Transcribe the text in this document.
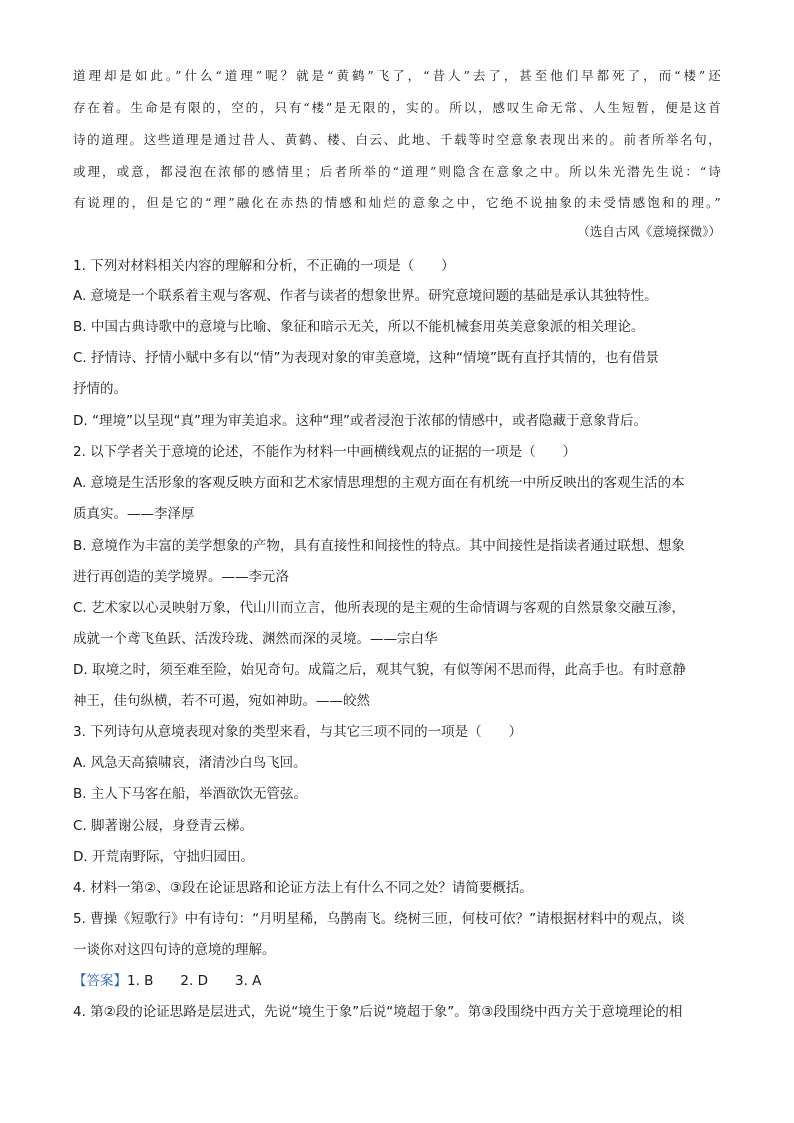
道理却是如此。”什么“道理”呢？就是“黄鹤”飞了，“昔人”去了，甚至他们早都死了，而“楼”还

存在着。生命是有限的，空的，只有“楼”是无限的，实的。所以，感叹生命无常、人生短暂，便是这首

诗的道理。这些道理是通过昔人、黄鹤、楼、白云、此地、千载等时空意象表现出来的。前者所举名句，

或理，或意，都浸泡在浓郁的感情里；后者所举的“道理”则隐含在意象之中。所以朱光潜先生说：“诗

有说理的，但是它的“理”融化在赤热的情感和灿烂的意象之中，它绝不说抽象的未受情感饱和的理。”

（选自古风《意境探微》）
1. 下列对材料相关内容的理解和分析，不正确的一项是（　　）
A. 意境是一个联系着主观与客观、作者与读者的想象世界。研究意境问题的基础是承认其独特性。
B. 中国古典诗歌中的意境与比喻、象征和暗示无关，所以不能机械套用英美意象派的相关理论。
C. 抒情诗、抒情小赋中多有以“情”为表现对象的审美意境，这种“情境”既有直抒其情的，也有借景
抒情的。
D. “理境”以呈现“真”理为审美追求。这种“理”或者浸泡于浓郁的情感中，或者隐藏于意象背后。
2. 以下学者关于意境的论述，不能作为材料一中画横线观点的证据的一项是（　　）
A. 意境是生活形象的客观反映方面和艺术家情思理想的主观方面在有机统一中所反映出的客观生活的本
质真实。——李泽厚
B. 意境作为丰富的美学想象的产物，具有直接性和间接性的特点。其中间接性是指读者通过联想、想象
进行再创造的美学境界。——李元洛
C. 艺术家以心灵映射万象，代山川而立言，他所表现的是主观的生命情调与客观的自然景象交融互渗，
成就一个鸢飞鱼跃、活泼玲珑、渊然而深的灵境。——宗白华
D. 取境之时，须至难至险，始见奇句。成篇之后，观其气貌，有似等闲不思而得，此高手也。有时意静
神王，佳句纵横，若不可遏，宛如神助。——皎然
3. 下列诗句从意境表现对象的类型来看，与其它三项不同的一项是（　　）
A. 风急天高猿啸哀，渚清沙白鸟飞回。
B. 主人下马客在船，举酒欲饮无管弦。
C. 脚著谢公屐，身登青云梯。
D. 开荒南野际，守拙归园田。
4. 材料一第②、③段在论证思路和论证方法上有什么不同之处？请简要概括。
5. 曹操《短歌行》中有诗句：“月明星稀，乌鹊南飞。绕树三匝，何枝可依？”请根据材料中的观点，谈
一谈你对这四句诗的意境的理解。
【答案】1. B　　2. D　　3. A
4. 第②段的论证思路是层进式，先说“境生于象”后说“境超于象”。第③段围绕中西方关于意境理论的相
